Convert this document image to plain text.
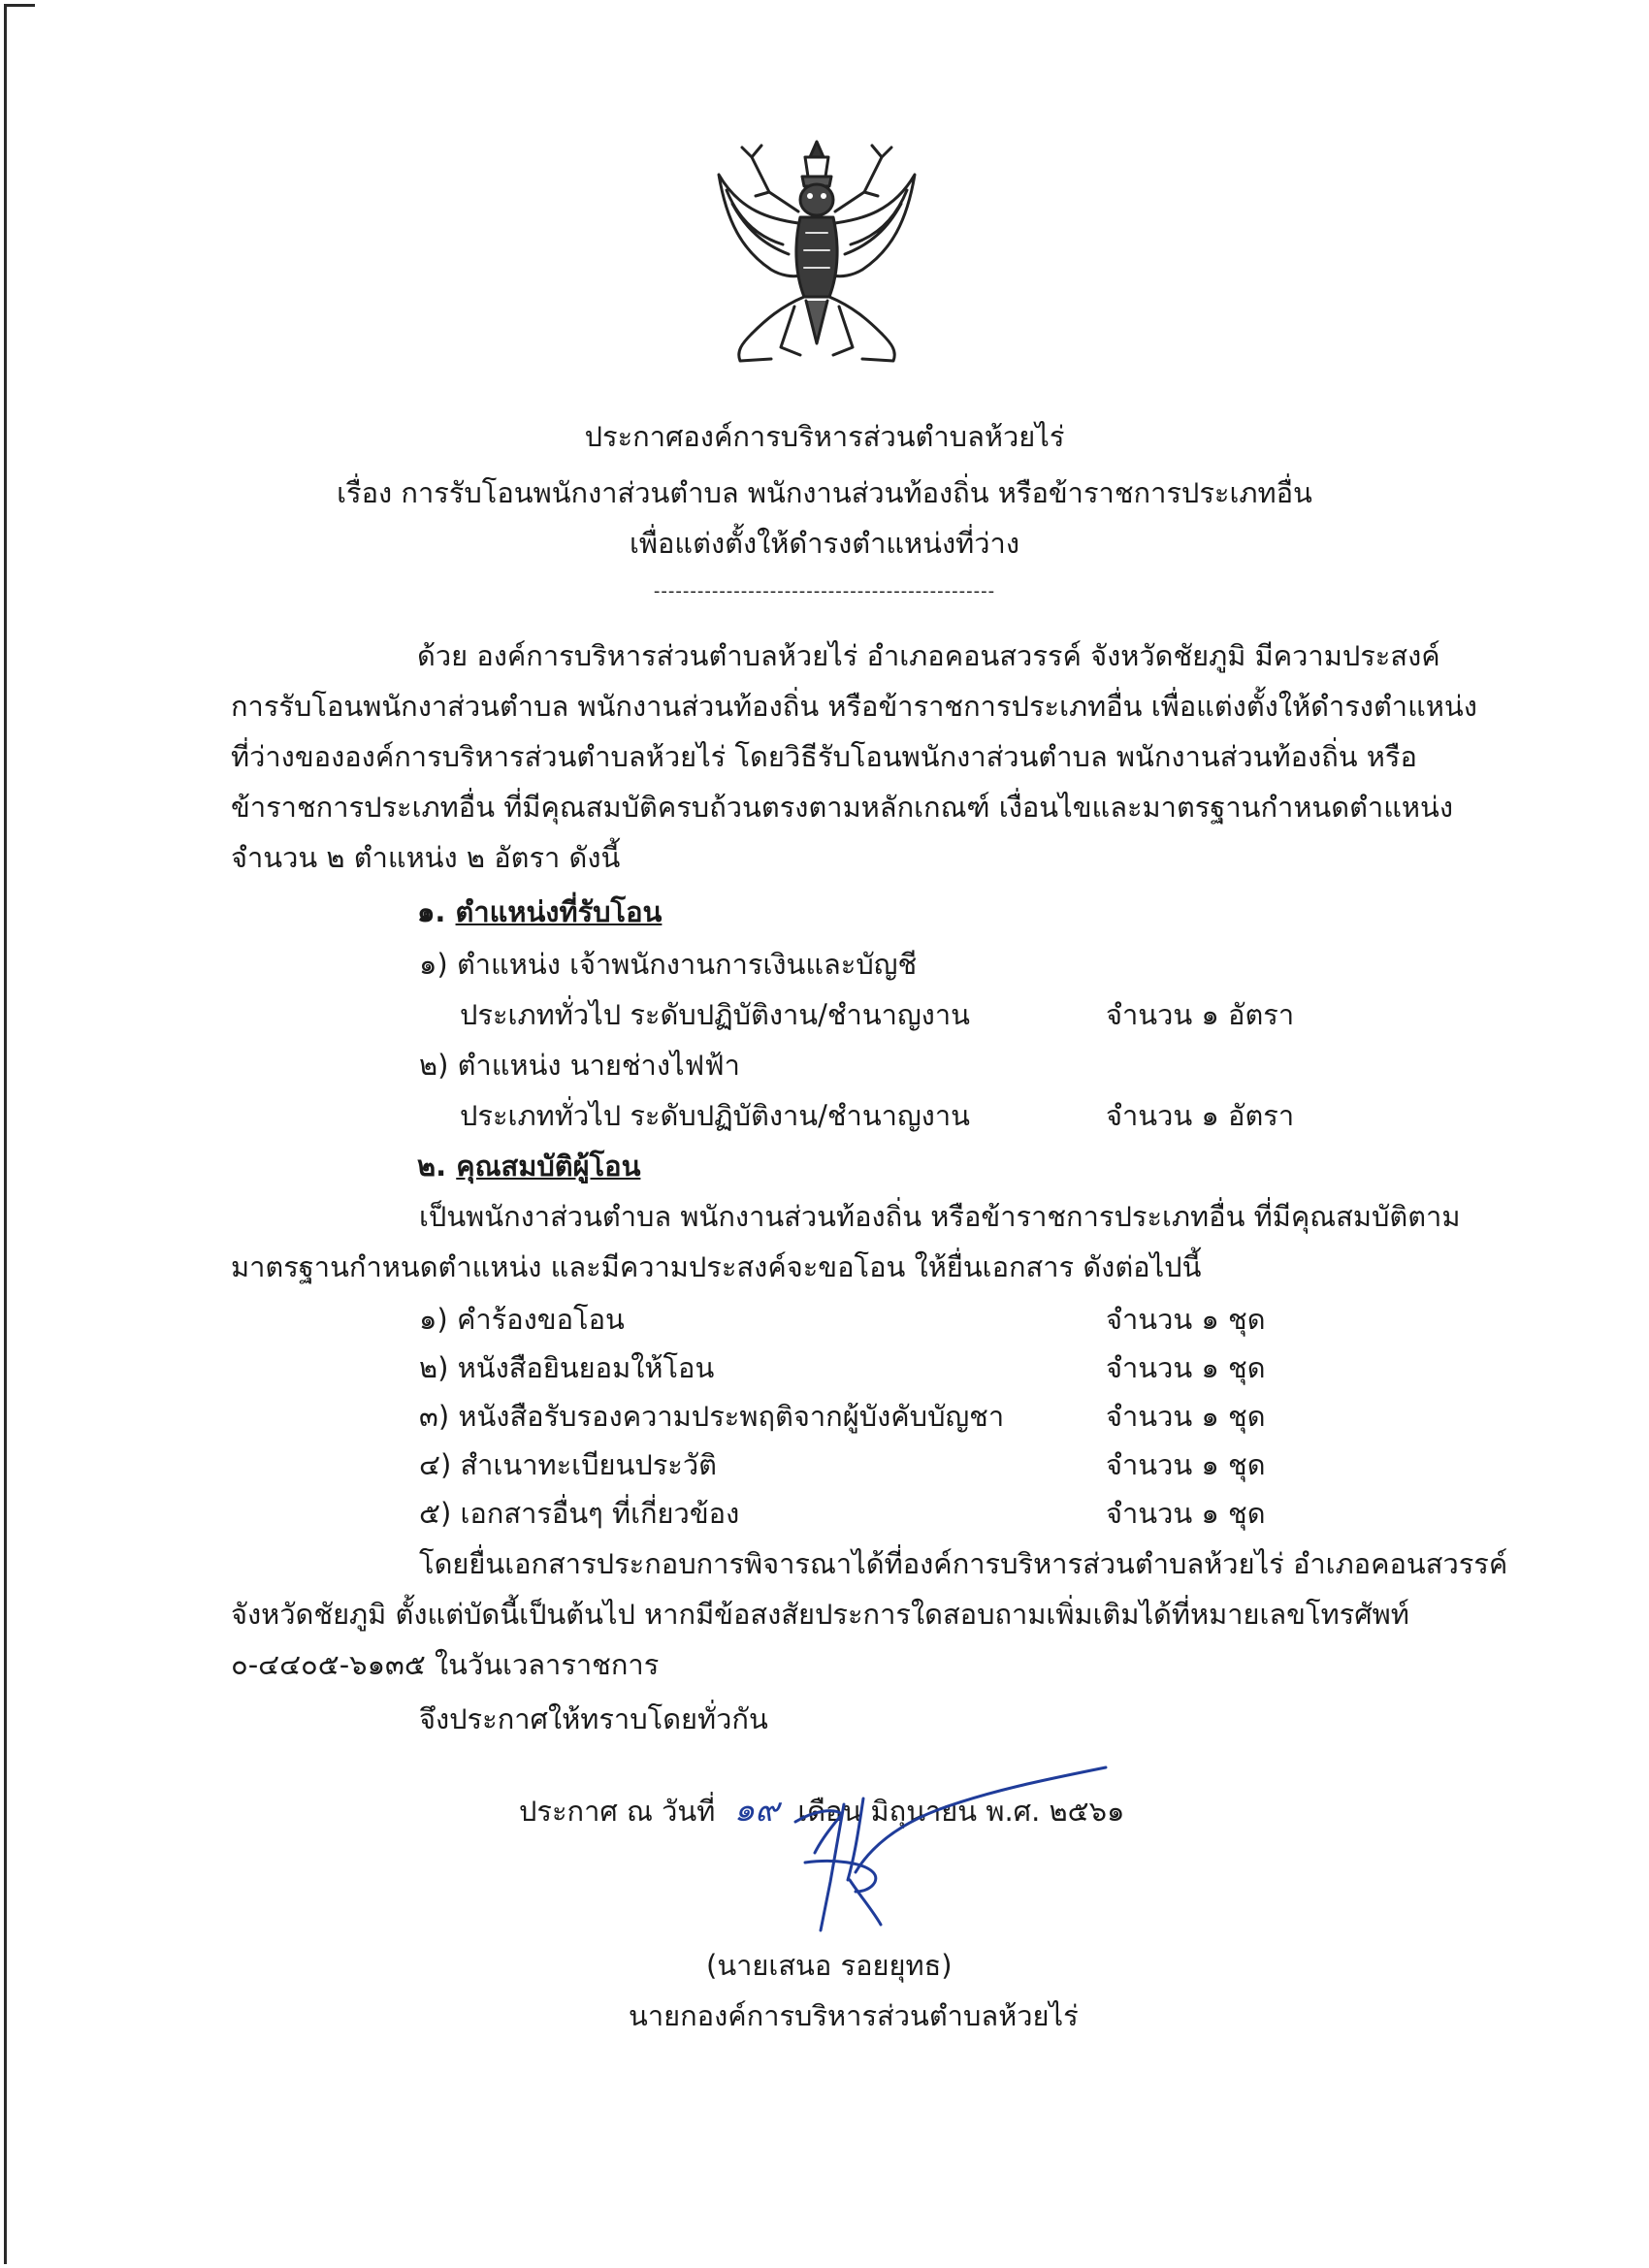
ประกาศองค์การบริหารส่วนตำบลห้วยไร่
เรื่อง การรับโอนพนักงาส่วนตำบล พนักงานส่วนท้องถิ่น หรือข้าราชการประเภทอื่น
เพื่อแต่งตั้งให้ดำรงตำแหน่งที่ว่าง
-----------------------------------------------
ด้วย องค์การบริหารส่วนตำบลห้วยไร่ อำเภอคอนสวรรค์ จังหวัดชัยภูมิ มีความประสงค์
การรับโอนพนักงาส่วนตำบล พนักงานส่วนท้องถิ่น หรือข้าราชการประเภทอื่น เพื่อแต่งตั้งให้ดำรงตำแหน่ง
ที่ว่างขององค์การบริหารส่วนตำบลห้วยไร่ โดยวิธีรับโอนพนักงาส่วนตำบล พนักงานส่วนท้องถิ่น หรือ
ข้าราชการประเภทอื่น ที่มีคุณสมบัติครบถ้วนตรงตามหลักเกณฑ์ เงื่อนไขและมาตรฐานกำหนดตำแหน่ง
จำนวน ๒ ตำแหน่ง ๒ อัตรา ดังนี้
๑. ตำแหน่งที่รับโอน
๑) ตำแหน่ง เจ้าพนักงานการเงินและบัญชี
ประเภททั่วไป ระดับปฏิบัติงาน/ชำนาญงาน	จำนวน ๑ อัตรา
๒) ตำแหน่ง นายช่างไฟฟ้า
ประเภททั่วไป ระดับปฏิบัติงาน/ชำนาญงาน	จำนวน ๑ อัตรา
๒. คุณสมบัติผู้โอน
เป็นพนักงาส่วนตำบล พนักงานส่วนท้องถิ่น หรือข้าราชการประเภทอื่น ที่มีคุณสมบัติตาม
มาตรฐานกำหนดตำแหน่ง และมีความประสงค์จะขอโอน ให้ยื่นเอกสาร ดังต่อไปนี้
๑) คำร้องขอโอน	จำนวน ๑ ชุด
๒) หนังสือยินยอมให้โอน	จำนวน ๑ ชุด
๓) หนังสือรับรองความประพฤติจากผู้บังคับบัญชา	จำนวน ๑ ชุด
๔) สำเนาทะเบียนประวัติ	จำนวน ๑ ชุด
๕) เอกสารอื่นๆ ที่เกี่ยวข้อง	จำนวน ๑ ชุด
โดยยื่นเอกสารประกอบการพิจารณาได้ที่องค์การบริหารส่วนตำบลห้วยไร่ อำเภอคอนสวรรค์
จังหวัดชัยภูมิ ตั้งแต่บัดนี้เป็นต้นไป หากมีข้อสงสัยประการใดสอบถามเพิ่มเติมได้ที่หมายเลขโทรศัพท์
๐-๔๔๐๕-๖๑๓๕ ในวันเวลาราชการ
จึงประกาศให้ทราบโดยทั่วกัน
ประกาศ ณ วันที่ ๑๙ เดือน มิถุนายน พ.ศ. ๒๕๖๑
(นายเสนอ รอยยุทธ)
นายกองค์การบริหารส่วนตำบลห้วยไร่
